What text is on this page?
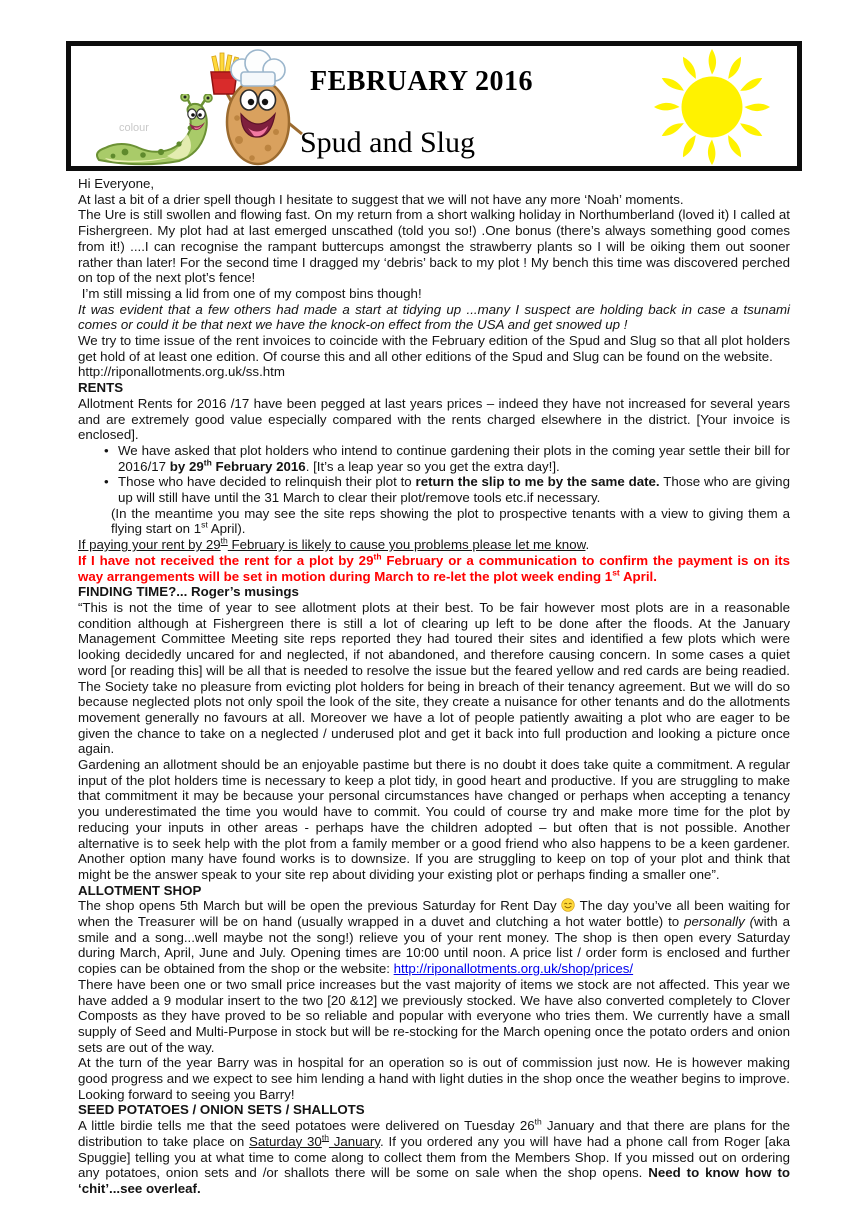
colour
FEBRUARY 2016
Spud and Slug
Hi Everyone,
At last a bit of a drier spell though I hesitate to suggest that we will not have any more ‘Noah’ moments.
The Ure is still swollen and flowing fast. On my return from a short walking holiday in Northumberland (loved it) I called at Fishergreen. My plot had at last emerged unscathed (told you so!) .One bonus (there’s always something good comes from it!) ....I can recognise the rampant buttercups amongst the strawberry plants so I will be oiking them out sooner rather than later! For the second time I dragged my ‘debris’ back to my plot ! My bench this time was discovered perched on top of the next plot’s fence!
I’m still missing a lid from one of my compost bins though!
It was evident that a few others had made a start at tidying up ...many I suspect are holding back in case a tsunami comes or could it be that next we have the knock-on effect from the USA and get snowed up !
We try to time issue of the rent invoices to coincide with the February edition of the Spud and Slug so that all plot holders get hold of at least one edition. Of course this and all other editions of the Spud and Slug can be found on the website.
http://riponallotments.org.uk/ss.htm
RENTS
Allotment Rents for 2016 /17 have been pegged at last years prices – indeed they have not increased for several years and are extremely good value especially compared with the rents charged elsewhere in the district. [Your invoice is enclosed].
• We have asked that plot holders who intend to continue gardening their plots in the coming year settle their bill for 2016/17 by 29th February 2016. [It’s a leap year so you get the extra day!].
• Those who have decided to relinquish their plot to return the slip to me by the same date. Those who are giving up will still have until the 31 March to clear their plot/remove tools etc.if necessary.
(In the meantime you may see the site reps showing the plot to prospective tenants with a view to giving them a flying start on 1st April).
If paying your rent by 29th February is likely to cause you problems please let me know.
If I have not received the rent for a plot by 29th February or a communication to confirm the payment is on its way arrangements will be set in motion during March to re-let the plot week ending 1st April.
FINDING TIME?... Roger’s musings
“This is not the time of year to see allotment plots at their best. To be fair however most plots are in a reasonable condition although at Fishergreen there is still a lot of clearing up left to be done after the floods. At the January Management Committee Meeting site reps reported they had toured their sites and identified a few plots which were looking decidedly uncared for and neglected, if not abandoned, and therefore causing concern. In some cases a quiet word [or reading this] will be all that is needed to resolve the issue but the feared yellow and red cards are being readied. The Society take no pleasure from evicting plot holders for being in breach of their tenancy agreement. But we will do so because neglected plots not only spoil the look of the site, they create a nuisance for other tenants and do the allotments movement generally no favours at all. Moreover we have a lot of people patiently awaiting a plot who are eager to be given the chance to take on a neglected / underused plot and get it back into full production and looking a picture once again.
Gardening an allotment should be an enjoyable pastime but there is no doubt it does take quite a commitment. A regular input of the plot holders time is necessary to keep a plot tidy, in good heart and productive. If you are struggling to make that commitment it may be because your personal circumstances have changed or perhaps when accepting a tenancy you underestimated the time you would have to commit. You could of course try and make more time for the plot by reducing your inputs in other areas - perhaps have the children adopted – but often that is not possible. Another alternative is to seek help with the plot from a family member or a good friend who also happens to be a keen gardener. Another option many have found works is to downsize. If you are struggling to keep on top of your plot and think that might be the answer speak to your site rep about dividing your existing plot or perhaps finding a smaller one”.
ALLOTMENT SHOP
The shop opens 5th March but will be open the previous Saturday for Rent Day  The day you’ve all been waiting for when the Treasurer will be on hand (usually wrapped in a duvet and clutching a hot water bottle) to personally (with a smile and a song...well maybe not the song!) relieve you of your rent money. The shop is then open every Saturday during March, April, June and July. Opening times are 10:00 until noon. A price list / order form is enclosed and further copies can be obtained from the shop or the website: http://riponallotments.org.uk/shop/prices/
There have been one or two small price increases but the vast majority of items we stock are not affected. This year we have added a 9 modular insert to the two [20 &12] we previously stocked. We have also converted completely to Clover Composts as they have proved to be so reliable and popular with everyone who tries them. We currently have a small supply of Seed and Multi-Purpose in stock but will be re-stocking for the March opening once the potato orders and onion sets are out of the way.
At the turn of the year Barry was in hospital for an operation so is out of commission just now. He is however making good progress and we expect to see him lending a hand with light duties in the shop once the weather begins to improve. Looking forward to seeing you Barry!
SEED POTATOES / ONION SETS / SHALLOTS
A little birdie tells me that the seed potatoes were delivered on Tuesday 26th January and that there are plans for the distribution to take place on Saturday 30th January. If you ordered any you will have had a phone call from Roger [aka Spuggie] telling you at what time to come along to collect them from the Members Shop. If you missed out on ordering any potatoes, onion sets and /or shallots there will be some on sale when the shop opens. Need to know how to ‘chit’...see overleaf.
